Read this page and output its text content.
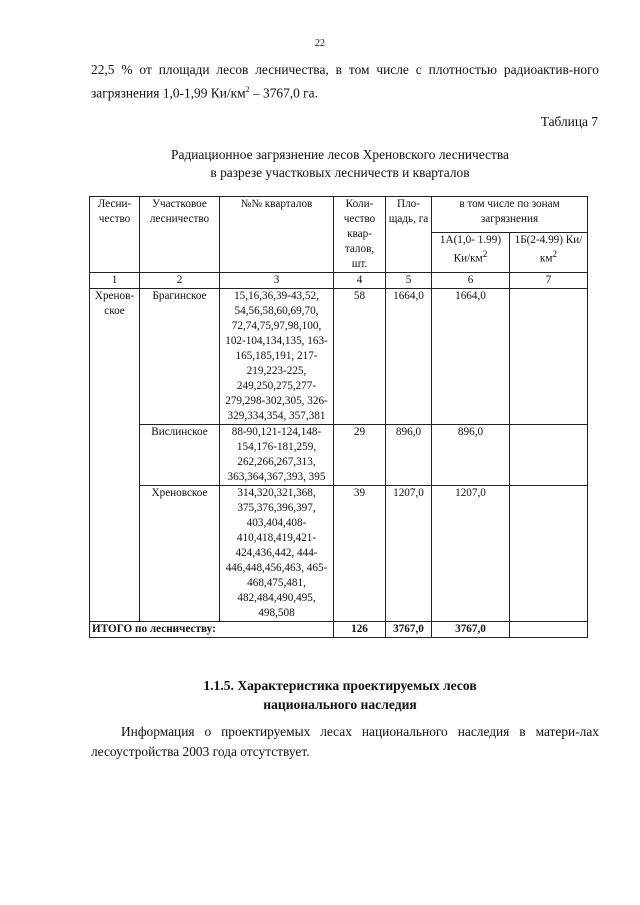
22

22,5 % от площади лесов лесничества, в том числе с плотностью радиоактив-ного загрязнения 1,0-1,99 $Ки/км^2 - 3767,0$ га.

Таблица 7
Радиационное загрязнение лесов Хреновского лесничества
в разрезе участковых лесничеств и кварталов
Лесни-чество	Участковое лесничество	№№ кварталов	Коли-чество квар-талов, шт.	Пло-щадь, га	в том числе по зонам загрязнения	
					1А(1,0- 1.99) $Ки/км^2$	1Б(2-4.99) $Ки/км^2$
1	2	3	4	5	6	7
Хренов-ское	Брагинское	15,16,36,39-43,52, 54,56,58,60,69,70, 72,74,75,97,98,100, 102-104,134,135, 163-165,185,191, 217-219,223-225, 249,250,275,277-279,298-302,305, 326-329,334,354, 357,381	58	1664,0	1664,0	
	Вислинское	88-90,121-124,148-154,176-181,259, 262,266,267,313, 363,364,367,393, 395	29	896,0	896,0	
	Хреновское	314,320,321,368, 375,376,396,397, 403,404,408-410,418,419,421-424,436,442, 444-446,448,456,463, 465-468,475,481, 482,484,490,495, 498,508	39	1207,0	1207,0	
ИТОГО по лесничеству:			126	3767,0	3767,0	
1.1.5. Характеристика проектируемых лесов
национального наследия

Информация о проектируемых лесах национального наследия в матери-лах лесоустройства 2003 года отсутствует.
